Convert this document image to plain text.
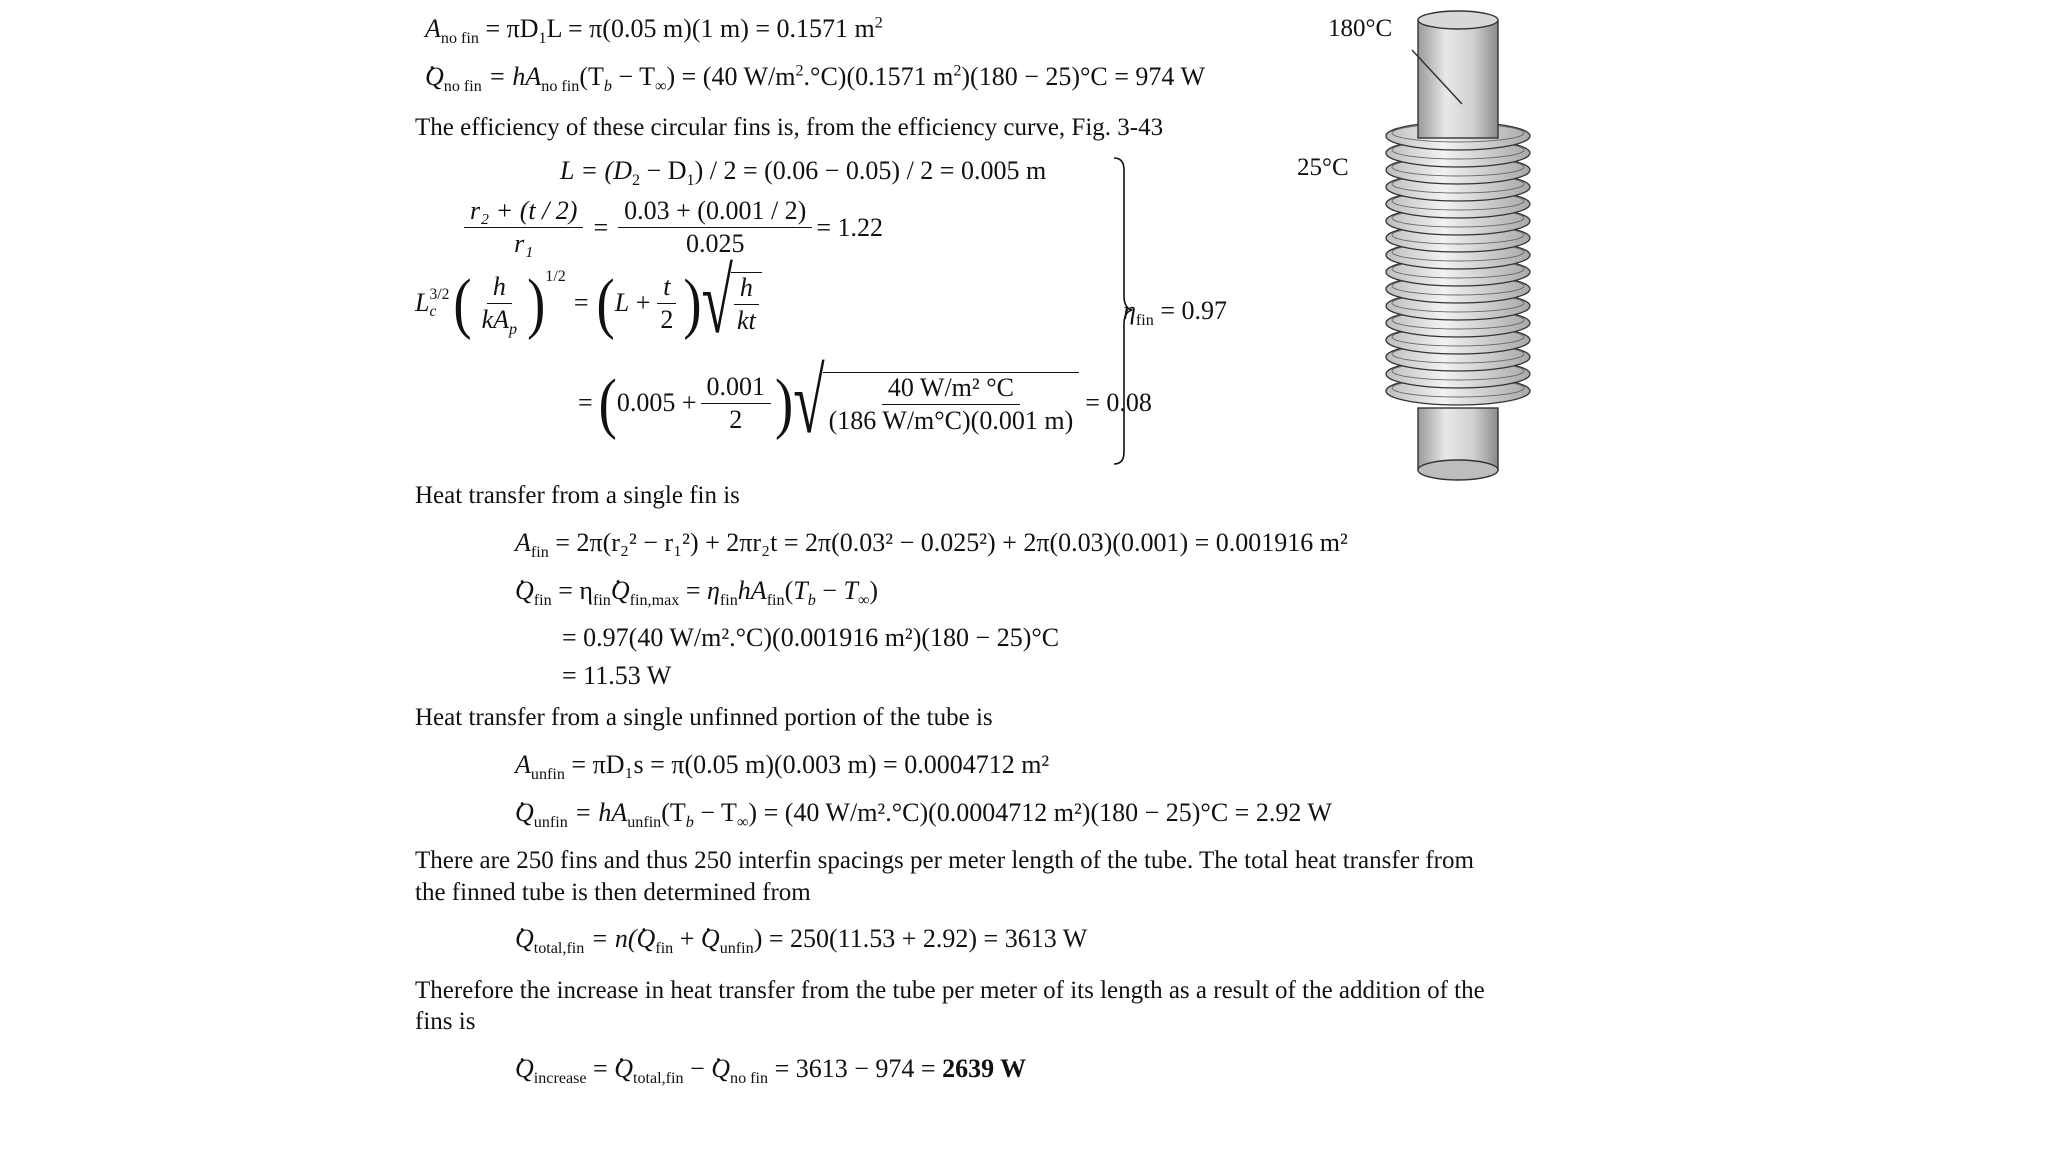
$A_{no fin} = \pi D_1L = \pi(0.05$ m)(1 m) = 0.1571 $m^2$
. $Q_{no fin} = hA_{no fin}(T_b - T_\infty) = (40$ $W/m^2.^\circ C)(0.1571$ $m^2)(180 - 25)^\circ C = 974$ W
The efficiency of these circular fins is, from the efficiency curve, Fig. 3-43
$L = (D_2 - D_1) / 2 = (0.06 - 0.05) / 2 = 0.005$ m
$\frac{\text{r₂ + (t / 2)}}{\text{r₁}} = \frac{0.03 + (0.001 / 2)}{0.025} = 1.22$
L 3/2
c ( $\frac{h}{kA_p} )^{1/2}$
= ( $L + \frac{t}{2}$ ) √
$\frac{h}{kt}$
= ( $0.005 + \frac{0.001}{2}$ ) √
$\frac{\text{40 W/m² °C}}{(186 W/m^\circ C)(0.001 m)} = 0.08$
$\eta_{fin} = 0.97$
Heat transfer from a single fin is
$A_{fin} = 2\pi(r_2^2 - r_1^2) + 2\pi r_2t = 2\pi(0.03^2 - 0.025^2) + 2\pi(0.03)(0.001) = 0.001916$ m²
. $Q_{fin} = \eta_{fin}$. $Q_{fin,max} = \eta_{fin}hA_{fin}(T_b - T_\infty)$
= 0.97(40 W/m².°C)(0.001916 m²)(180 − 25)°C
= 11.53 W
Heat transfer from a single unfinned portion of the tube is
$A_{unfin} = \pi D_1s = \pi(0.05$ m)(0.003 m) = 0.0004712 m²
. $Q_{unfin} = hA_{unfin}(T_b - T_\infty) = (40$ W/m².°C)(0.0004712 m²)(180 − 25)°C = 2.92 W
There are 250 fins and thus 250 interfin spacings per meter length of the tube. The total heat transfer from
the finned tube is then determined from
. $Q_{total,fin} = n$(. $Q_{fin}$ + . $Q_{unfin}) = 250(11.53 + 2.92) = 3613$ W
Therefore the increase in heat transfer from the tube per meter of its length as a result of the addition of the
fins is
. $Q_{increase}$ = . $Q_{total,fin}$ − . $Q_{no fin} = 3613 - 974 = 2639$ W
180°C
25°C
